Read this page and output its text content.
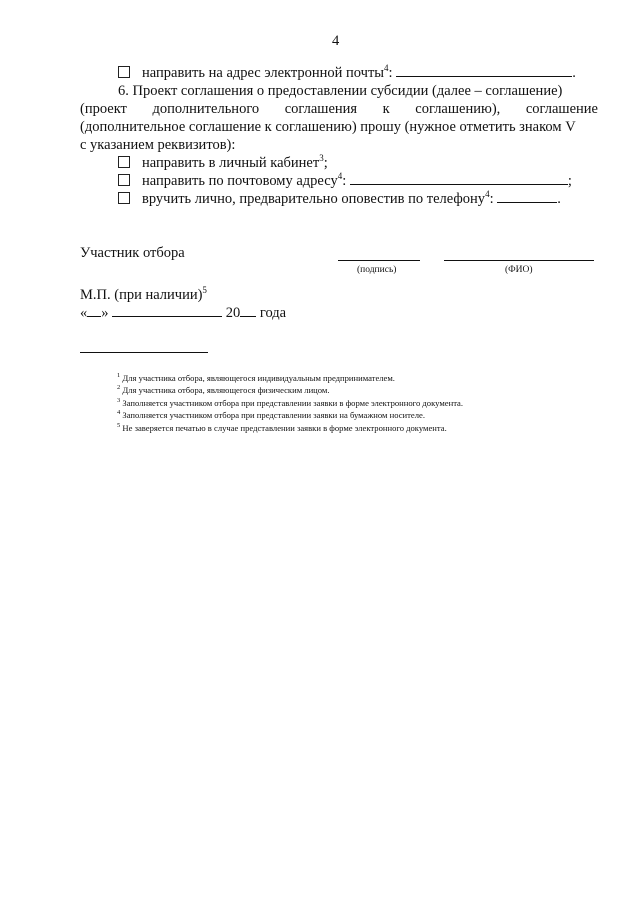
4
направить на адрес электронной почты$^4$:	.
6. Проект соглашения о предоставлении субсидии (далее – соглашение)
(проект дополнительного соглашения к соглашению), соглашение
(дополнительное соглашение к соглашению) прошу (нужное отметить знаком V
с указанием реквизитов):
направить в личный кабинет$^3$;
направить по почтовому адресу$^4$:	;
вручить лично, предварительно оповестив по телефону$^4$:	.
Участник отбора
(подпись)	(ФИО)
М.П. (при наличии)$^5$
« »	20 года
$^1$ Для участника отбора, являющегося индивидуальным предпринимателем.
$^2$ Для участника отбора, являющегося физическим лицом.
$^3$ Заполняется участником отбора при представлении заявки в форме электронного документа.
$^4$ Заполняется участником отбора при представлении заявки на бумажном носителе.
$^5$ Не заверяется печатью в случае представлении заявки в форме электронного документа.
